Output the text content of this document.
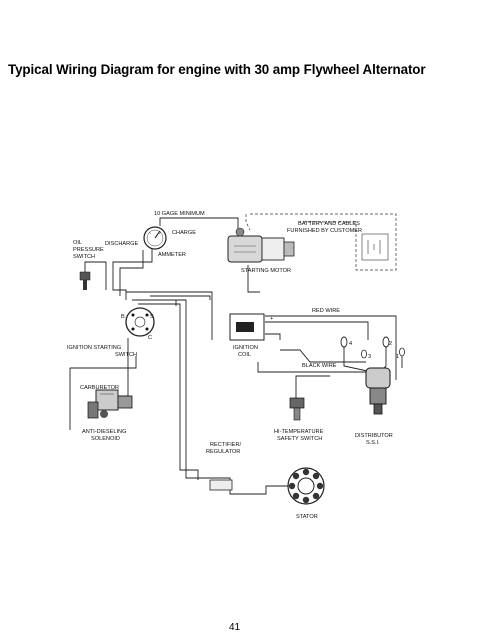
Typical Wiring Diagram for engine with 30 amp Flywheel Alternator
10 GAGE MINIMUM
BATTERY AND CABLES
FURNISHED BY CUSTOMER
CHARGE
DISCHARGE
AMMETER
OIL
PRESSURE
SWITCH
STARTING MOTOR
RED WIRE
BLACK WIRE
IGNITION STARTING
SWITCH
IGNITION
COIL
CARBURETOR
ANTI-DIESELING
SOLENOID
RECTIFIER/
REGULATOR
HI-TEMPERATURE
SAFETY SWITCH	DISTRIBUTOR
S.S.I.
STATOR
+
B	S
C
1
2
3
4
41
